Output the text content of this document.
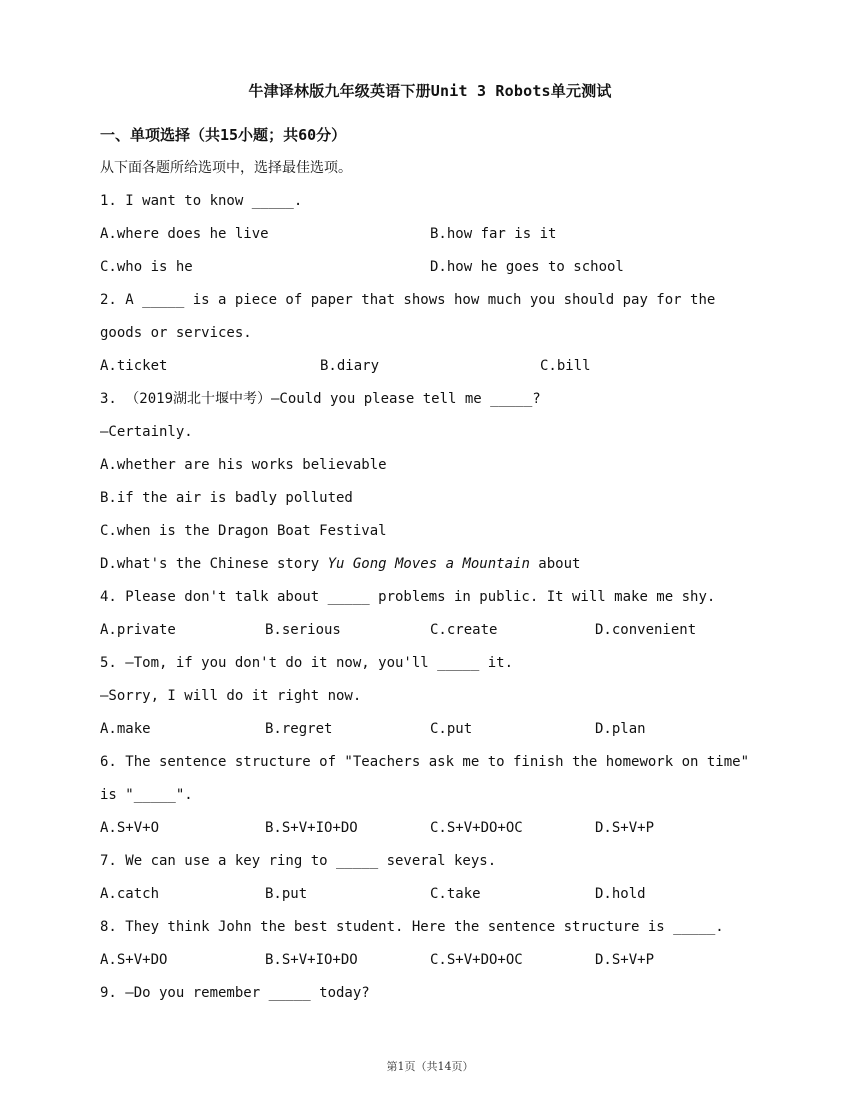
牛津译林版九年级英语下册Unit 3 Robots单元测试
一、单项选择（共15小题；共60分）
从下面各题所给选项中，选择最佳选项。
1. I want to know _____.
A.where does he live	B.how far is it
C.who is he	D.how he goes to school
2. A _____ is a piece of paper that shows how much you should pay for the
goods or services.
A.ticket	B.diary	C.bill
3. （2019湖北十堰中考）—Could you please tell me _____?
—Certainly.
A.whether are his works believable
B.if the air is badly polluted
C.when is the Dragon Boat Festival
D.what's the Chinese story Yu Gong Moves a Mountain about
4. Please don't talk about _____ problems in public. It will make me shy.
A.private	B.serious	C.create	D.convenient
5. —Tom, if you don't do it now, you'll _____ it.
—Sorry, I will do it right now.
A.make	B.regret	C.put	D.plan
6. The sentence structure of "Teachers ask me to finish the homework on time"
is "_____".
A.S+V+O	B.S+V+IO+DO	C.S+V+DO+OC	D.S+V+P
7. We can use a key ring to _____ several keys.
A.catch	B.put	C.take	D.hold
8. They think John the best student. Here the sentence structure is _____.
A.S+V+DO	B.S+V+IO+DO	C.S+V+DO+OC	D.S+V+P
9. —Do you remember _____ today?
第1页（共14页）
